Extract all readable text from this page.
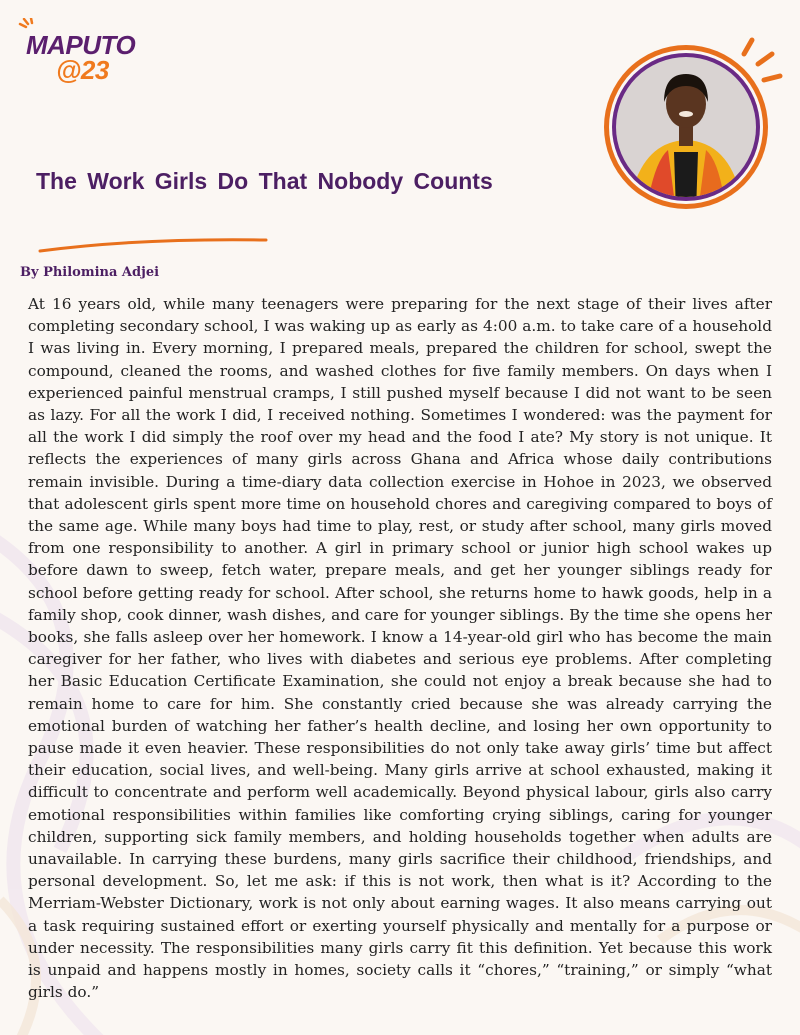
MAPUTO
@23
The Work Girls Do That Nobody Counts
By Philomina Adjei

At 16 years old, while many teenagers were preparing for the next stage of their lives after completing secondary school, I was waking up as early as 4:00 a.m. to take care of a household I was living in. Every morning, I prepared meals, prepared the children for school, swept the compound, cleaned the rooms, and washed clothes for five family members. On days when I experienced painful menstrual cramps, I still pushed myself because I did not want to be seen as lazy. For all the work I did, I received nothing. Sometimes I wondered: was the payment for all the work I did simply the roof over my head and the food I ate? My story is not unique. It reflects the experiences of many girls across Ghana and Africa whose daily contributions remain invisible. During a time-diary data collection exercise in Hohoe in 2023, we observed that adolescent girls spent more time on household chores and caregiving compared to boys of the same age. While many boys had time to play, rest, or study after school, many girls moved from one responsibility to another. A girl in primary school or junior high school wakes up before dawn to sweep, fetch water, prepare meals, and get her younger siblings ready for school before getting ready for school. After school, she returns home to hawk goods, help in a family shop, cook dinner, wash dishes, and care for younger siblings. By the time she opens her books, she falls asleep over her homework. I know a 14-year-old girl who has become the main caregiver for her father, who lives with diabetes and serious eye problems. After completing her Basic Education Certificate Examination, she could not enjoy a break because she had to remain home to care for him. She constantly cried because she was already carrying the emotional burden of watching her father’s health decline, and losing her own opportunity to pause made it even heavier. These responsibilities do not only take away girls’ time but affect their education, social lives, and well-being. Many girls arrive at school exhausted, making it difficult to concentrate and perform well academically. Beyond physical labour, girls also carry emotional responsibilities within families like comforting crying siblings, caring for younger children, supporting sick family members, and holding households together when adults are unavailable. In carrying these burdens, many girls sacrifice their childhood, friendships, and personal development. So, let me ask: if this is not work, then what is it? According to the Merriam-Webster Dictionary, work is not only about earning wages. It also means carrying out a task requiring sustained effort or exerting yourself physically and mentally for a purpose or under necessity. The responsibilities many girls carry fit this definition. Yet because this work is unpaid and happens mostly in homes, society calls it “chores,” “training,” or simply “what girls do.”
